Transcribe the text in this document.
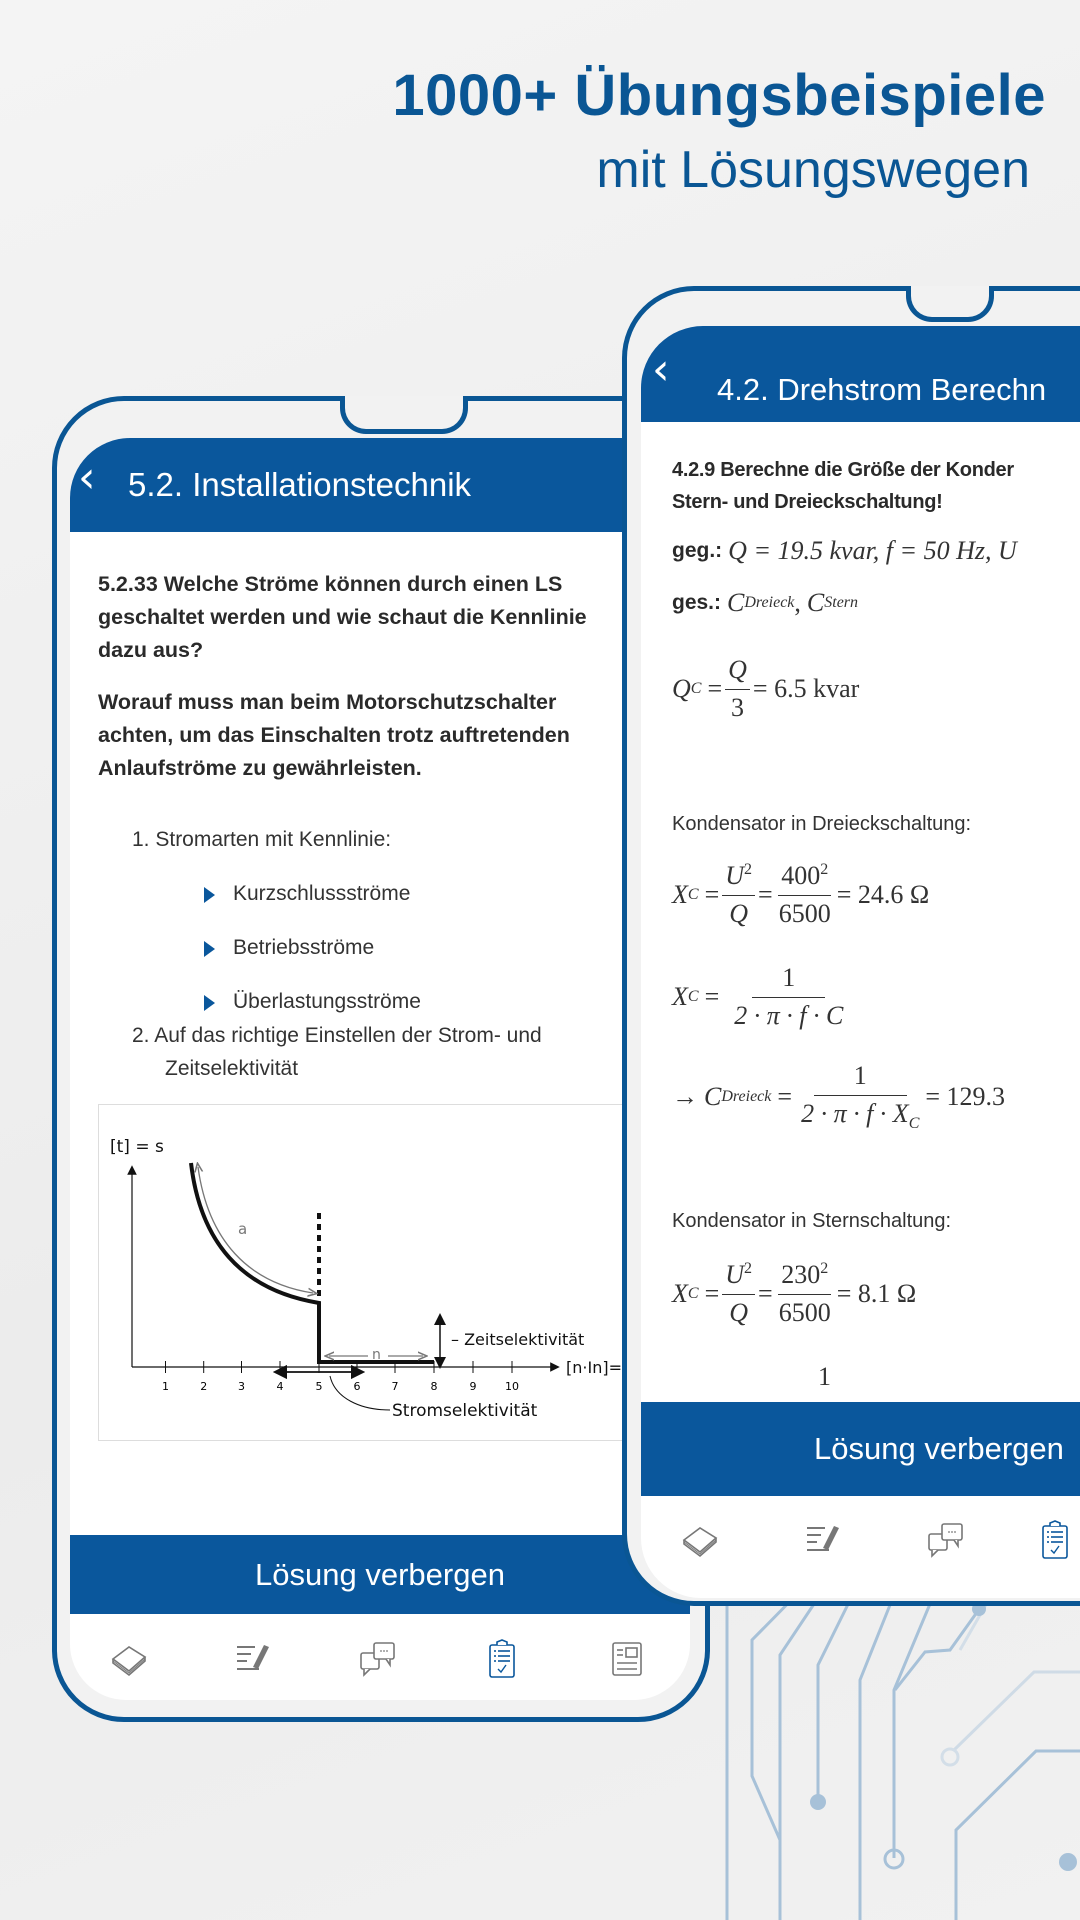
1000+ Übungsbeispiele
mit Lösungswegen
‹ 5.2. Installationstechnik
5.2.33 Welche Ströme können durch einen LS
geschaltet werden und wie schaut die Kennlinie
dazu aus?
Worauf muss man beim Motorschutzschalter
achten, um das Einschalten trotz auftretenden
Anlaufströme zu gewährleisten.
1. Stromarten mit Kennlinie:
Kurzschlussströme
Betriebsströme
Überlastungsströme
2. Auf das richtige Einstellen der Strom- und
Zeitselektivität
[t] = s
1	2	3	4	5	6	7	8	9	10
[n·In]=
a
n
– Zeitselektivität
Stromselektivität
Lösung verbergen
‹ 4.2. Drehstrom Berechn
4.2.9 Berechne die Größe der Konder
Stern- und Dreieckschaltung!
geg.: Q = 19.5 kvar, f = 50 Hz, U
ges.: C Dreieck , C Stern
Q $C = \frac{Q}{3} = 6.5$ kvar
Kondensator in Dreieckschaltung:
X $C = \frac{U^2}{Q} = \frac{400^2}{6500} = 24.6$ Ω
X $C = \frac{1}{2 \cdot \pi \cdot f \cdot C}$
→ C Dreieck = $\frac{1}{2 \cdot \pi \cdot f \cdot X_C} = 129.3$
Kondensator in Sternschaltung:
X $C = \frac{U^2}{Q} = \frac{230^2}{6500} = 8.1$ Ω
1
Lösung verbergen
